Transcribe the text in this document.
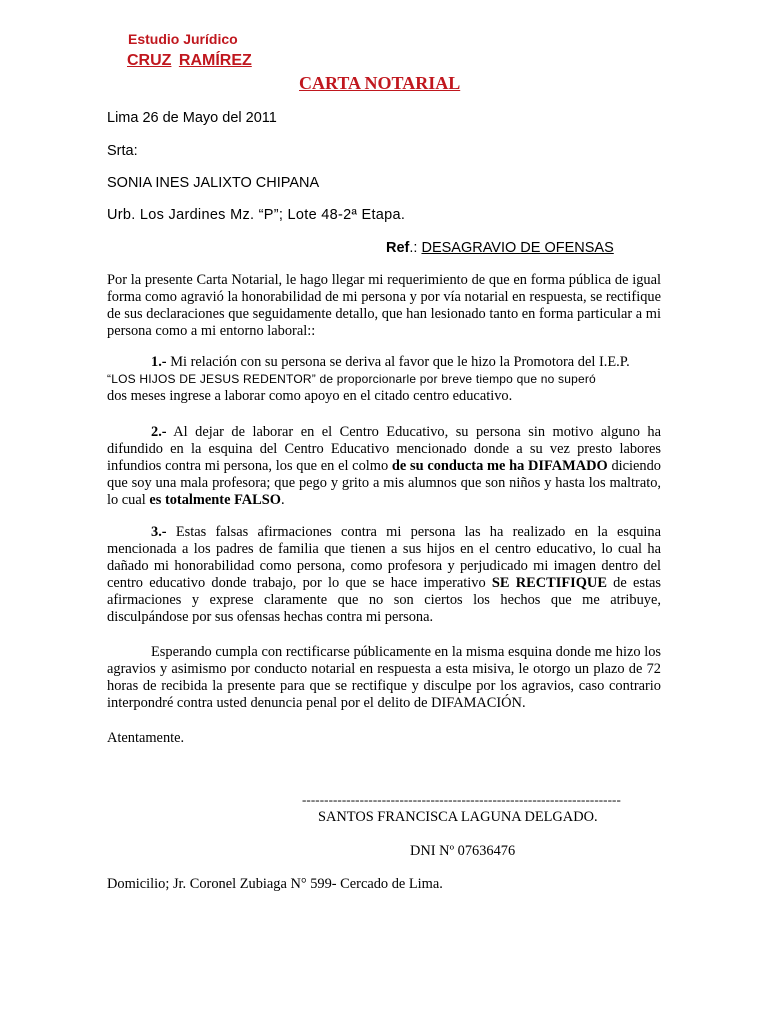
Estudio Jurídico
CRUZ RAMÍREZ
CARTA NOTARIAL
Lima 26 de Mayo del 2011
Srta:
SONIA INES JALIXTO CHIPANA
Urb. Los Jardines Mz. “P”; Lote 48-2ª Etapa.
Ref.: DESAGRAVIO DE OFENSAS
Por la presente Carta Notarial, le hago llegar mi requerimiento de que en forma pública de igual forma como agravió la honorabilidad de mi persona y por vía notarial en respuesta, se rectifique de sus declaraciones que seguidamente detallo, que han lesionado tanto en forma particular a mi persona como a mi entorno laboral::
1.- Mi relación con su persona se deriva al favor que le hizo la Promotora del I.E.P.
“LOS HIJOS DE JESUS REDENTOR” de proporcionarle por breve tiempo que no superó
dos meses ingrese a laborar como apoyo en el citado centro educativo.
2.- Al dejar de laborar en el Centro Educativo, su persona sin motivo alguno ha difundido en la esquina del Centro Educativo mencionado donde a su vez presto labores infundios contra mi persona, los que en el colmo de su conducta me ha DIFAMADO diciendo que soy una mala profesora; que pego y grito a mis alumnos que son niños y hasta los maltrato, lo cual es totalmente FALSO.
3.- Estas falsas afirmaciones contra mi persona las ha realizado en la esquina mencionada a los padres de familia que tienen a sus hijos en el centro educativo, lo cual ha dañado mi honorabilidad como persona, como profesora y perjudicado mi imagen dentro del centro educativo donde trabajo, por lo que se hace imperativo SE RECTIFIQUE de estas afirmaciones y exprese claramente que no son ciertos los hechos que me atribuye, disculpándose por sus ofensas hechas contra mi persona.
Esperando cumpla con rectificarse públicamente en la misma esquina donde me hizo los agravios y asimismo por conducto notarial en respuesta a esta misiva, le otorgo un plazo de 72 horas de recibida la presente para que se rectifique y disculpe por los agravios, caso contrario interpondré contra usted denuncia penal por el delito de DIFAMACIÓN.
Atentamente.
------------------------------------------------------------------------
SANTOS FRANCISCA LAGUNA DELGADO.
DNI Nº 07636476
Domicilio; Jr. Coronel Zubiaga N° 599- Cercado de Lima.
